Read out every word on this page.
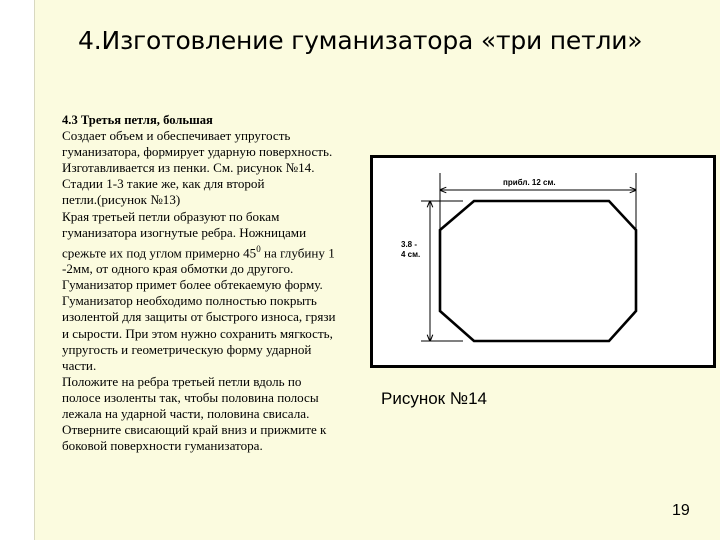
4.Изготовление гуманизатора «три петли»

4.3 Третья петля, большая

Создает объем и обеспечивает упругость
гуманизатора, формирует ударную поверхность.
Изготавливается из пенки. См. рисунок №14.
Стадии 1-3 такие же, как для второй
петли.(рисунок №13)
Края третьей петли образуют по бокам
гуманизатора изогнутые ребра. Ножницами
срежьте их под углом примерно $45^0$ на глубину 1
-2мм, от одного края обмотки до другого.
Гуманизатор примет более обтекаемую форму.
Гуманизатор необходимо полностью покрыть
изолентой для защиты от быстрого износа, грязи
и сырости. При этом нужно сохранить мягкость,
упругость и геометрическую форму ударной
части.
Положите на ребра третьей петли вдоль по
полосе изоленты так, чтобы половина полосы
лежала на ударной части, половина свисала.
Отверните свисающий край вниз и прижмите к
боковой поверхности гуманизатора.

прибл. 12 см.
3.8 -
4 см.
Рисунок №14
19
